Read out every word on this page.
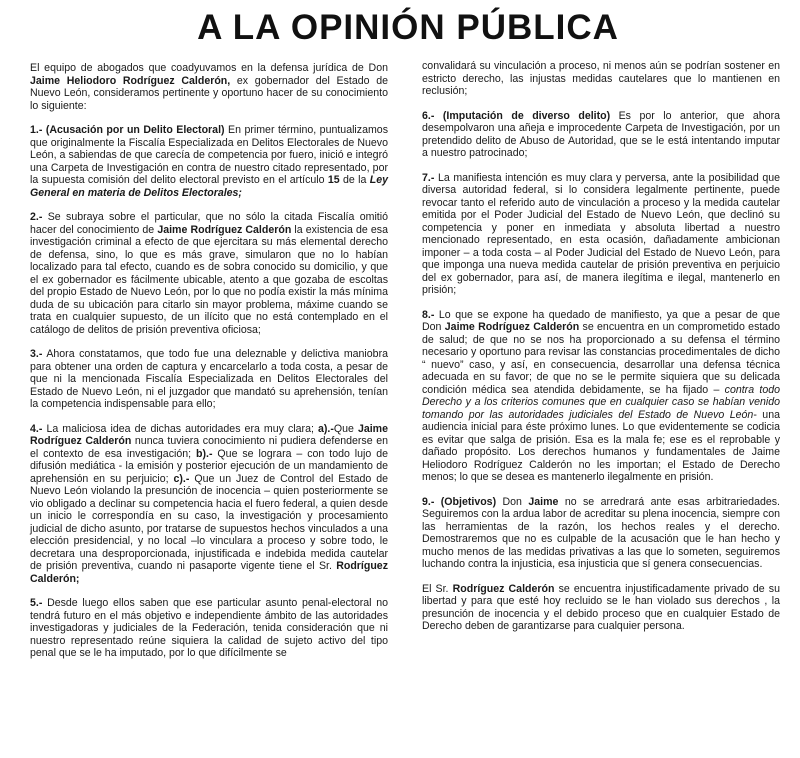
A LA OPINIÓN PÚBLICA

El equipo de abogados que coadyuvamos en la defensa jurídica de Don Jaime Heliodoro Rodríguez Calderón, ex gobernador del Estado de Nuevo León, consideramos pertinente y oportuno hacer de su conocimiento lo siguiente:

1.- (Acusación por un Delito Electoral) En primer término, puntualizamos que originalmente la Fiscalía Especializada en Delitos Electorales de Nuevo León, a sabiendas de que carecía de competencia por fuero, inició e integró una Carpeta de Investigación en contra de nuestro citado representado, por la supuesta comisión del delito electoral previsto en el artículo 15 de la Ley General en materia de Delitos Electorales;

2.- Se subraya sobre el particular, que no sólo la citada Fiscalía omitió hacer del conocimiento de Jaime Rodríguez Calderón la existencia de esa investigación criminal a efecto de que ejercitara su más elemental derecho de defensa, sino, lo que es más grave, simularon que no lo habían localizado para tal efecto, cuando es de sobra conocido su domicilio, y que el ex gobernador es fácilmente ubicable, atento a que gozaba de escoltas del propio Estado de Nuevo León, por lo que no podía existir la más mínima duda de su ubicación para citarlo sin mayor problema, máxime cuando se trata en cualquier supuesto, de un ilícito que no está contemplado en el catálogo de delitos de prisión preventiva oficiosa;

3.- Ahora constatamos, que todo fue una deleznable y delictiva maniobra para obtener una orden de captura y encarcelarlo a toda costa, a pesar de que ni la mencionada Fiscalía Especializada en Delitos Electorales del Estado de Nuevo León, ni el juzgador que mandató su aprehensión, tenían la competencia indispensable para ello;

4.- La maliciosa idea de dichas autoridades era muy clara; a).-Que Jaime Rodríguez Calderón nunca tuviera conocimiento ni pudiera defenderse en el contexto de esa investigación; b).- Que se lograra – con todo lujo de difusión mediática - la emisión y posterior ejecución de un mandamiento de aprehensión en su perjuicio; c).- Que un Juez de Control del Estado de Nuevo León violando la presunción de inocencia – quien posteriormente se vio obligado a declinar su competencia hacia el fuero federal, a quien desde un inicio le correspondía en su caso, la investigación y procesamiento judicial de dicho asunto, por tratarse de supuestos hechos vinculados a una elección presidencial, y no local –lo vinculara a proceso y sobre todo, le decretara una desproporcionada, injustificada e indebida medida cautelar de prisión preventiva, cuando ni pasaporte vigente tiene el Sr. Rodríguez Calderón;

5.- Desde luego ellos saben que ese particular asunto penal-electoral no tendrá futuro en el más objetivo e independiente ámbito de las autoridades investigadoras y judiciales de la Federación, tenida consideración que ni nuestro representado reúne siquiera la calidad de sujeto activo del tipo penal que se le ha imputado, por lo que difícilmente se

convalidará su vinculación a proceso, ni menos aún se podrían sostener en estricto derecho, las injustas medidas cautelares que lo mantienen en reclusión;

6.- (Imputación de diverso delito) Es por lo anterior, que ahora desempolvaron una añeja e improcedente Carpeta de Investigación, por un pretendido delito de Abuso de Autoridad, que se le está intentando imputar a nuestro patrocinado;

7.- La manifiesta intención es muy clara y perversa, ante la posibilidad que diversa autoridad federal, si lo considera legalmente pertinente, puede revocar tanto el referido auto de vinculación a proceso y la medida cautelar emitida por el Poder Judicial del Estado de Nuevo León, que declinó su competencia y poner en inmediata y absoluta libertad a nuestro mencionado representado, en esta ocasión, dañadamente ambicionan imponer – a toda costa – al Poder Judicial del Estado de Nuevo León, para que imponga una nueva medida cautelar de prisión preventiva en perjuicio del ex gobernador, para así, de manera ilegítima e ilegal, mantenerlo en prisión;

8.- Lo que se expone ha quedado de manifiesto, ya que a pesar de que Don Jaime Rodríguez Calderón se encuentra en un comprometido estado de salud; de que no se nos ha proporcionado a su defensa el término necesario y oportuno para revisar las constancias procedimentales de dicho “ nuevo” caso, y así, en consecuencia, desarrollar una defensa técnica adecuada en su favor; de que no se le permite siquiera que su delicada condición médica sea atendida debidamente, se ha fijado – contra todo Derecho y a los criterios comunes que en cualquier caso se habían venido tomando por las autoridades judiciales del Estado de Nuevo León- una audiencia inicial para éste próximo lunes. Lo que evidentemente se codicia es evitar que salga de prisión. Esa es la mala fe; ese es el reprobable y dañado propósito. Los derechos humanos y fundamentales de Jaime Heliodoro Rodríguez Calderón no les importan; el Estado de Derecho menos; lo que se desea es mantenerlo ilegalmente en prisión.

9.- (Objetivos) Don Jaime no se arredrará ante esas arbitrariedades. Seguiremos con la ardua labor de acreditar su plena inocencia, siempre con las herramientas de la razón, los hechos reales y el derecho. Demostraremos que no es culpable de la acusación que le han hecho y mucho menos de las medidas privativas a las que lo someten, seguiremos luchando contra la injusticia, esa injusticia que sí genera consecuencias.

El Sr. Rodríguez Calderón se encuentra injustificadamente privado de su libertad y para que esté hoy recluido se le han violado sus derechos , la presunción de inocencia y el debido proceso que en cualquier Estado de Derecho deben de garantizarse para cualquier persona.
